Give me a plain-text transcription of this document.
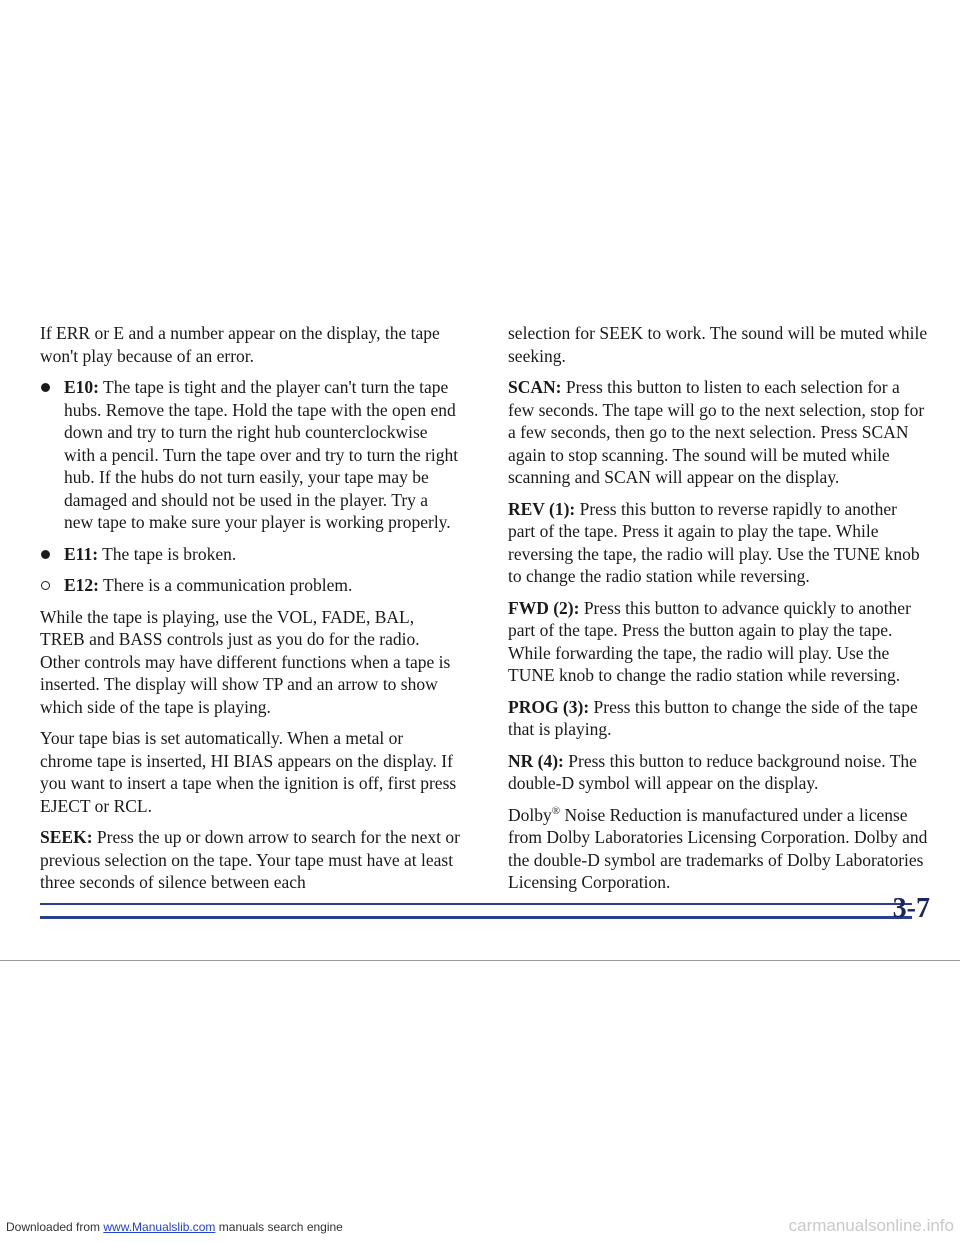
If ERR or E and a number appear on the display, the tape won't play because of an error.

E10: The tape is tight and the player can't turn the tape hubs. Remove the tape. Hold the tape with the open end down and try to turn the right hub counterclockwise with a pencil. Turn the tape over and try to turn the right hub. If the hubs do not turn easily, your tape may be damaged and should not be used in the player. Try a new tape to make sure your player is working properly.
E11: The tape is broken.
E12: There is a communication problem.

While the tape is playing, use the VOL, FADE, BAL, TREB and BASS controls just as you do for the radio. Other controls may have different functions when a tape is inserted. The display will show TP and an arrow to show which side of the tape is playing.

Your tape bias is set automatically. When a metal or chrome tape is inserted, HI BIAS appears on the display. If you want to insert a tape when the ignition is off, first press EJECT or RCL.

SEEK: Press the up or down arrow to search for the next or previous selection on the tape. Your tape must have at least three seconds of silence between each

selection for SEEK to work. The sound will be muted while seeking.

SCAN: Press this button to listen to each selection for a few seconds. The tape will go to the next selection, stop for a few seconds, then go to the next selection. Press SCAN again to stop scanning. The sound will be muted while scanning and SCAN will appear on the display.

REV (1): Press this button to reverse rapidly to another part of the tape. Press it again to play the tape. While reversing the tape, the radio will play. Use the TUNE knob to change the radio station while reversing.

FWD (2): Press this button to advance quickly to another part of the tape. Press the button again to play the tape. While forwarding the tape, the radio will play. Use the TUNE knob to change the radio station while reversing.

PROG (3): Press this button to change the side of the tape that is playing.

NR (4): Press this button to reduce background noise. The double-D symbol will appear on the display.

Dolby® Noise Reduction is manufactured under a license from Dolby Laboratories Licensing Corporation. Dolby and the double-D symbol are trademarks of Dolby Laboratories Licensing Corporation.

3-7
Downloaded from www.Manualslib.com manuals search engine	carmanualsonline.info
